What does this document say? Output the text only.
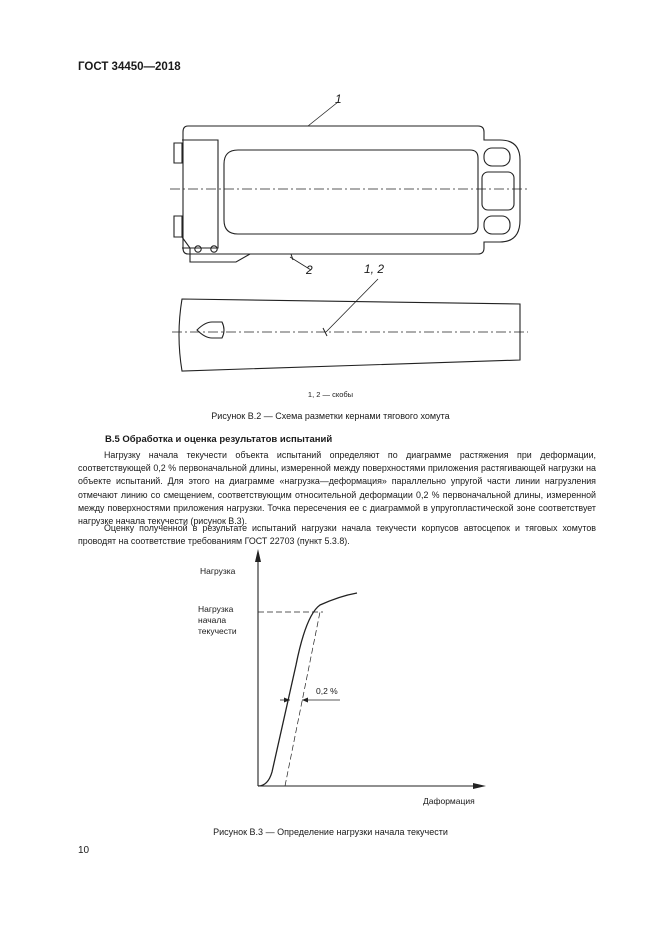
ГОСТ 34450—2018
1
2	1, 2
1, 2 — скобы
Рисунок В.2 — Схема разметки кернами тягового хомута
В.5 Обработка и оценка результатов испытаний
Нагрузку начала текучести объекта испытаний определяют по диаграмме растяжения при деформации, соответствующей 0,2 % первоначальной длины, измеренной между поверхностями приложения растягивающей нагрузки на объекте испытаний. Для этого на диаграмме «нагрузка—деформация» параллельно упругой части линии нагрузления отмечают линию со смещением, соответствующим относительной деформации 0,2 % первоначальной длины, измеренной между поверхностями приложения нагрузки. Точка пересечения ее с диаграммой в упругопластической зоне соответствует нагрузке начала текучести (рисунок В.3).
Оценку полученной в результате испытаний нагрузки начала текучести корпусов автосцепок и тяговых хомутов проводят на соответствие требованиям ГОСТ 22703 (пункт 5.3.8).
Нагрузка
Нагрузка
начала
текучести
0,2 %
Даформация
Рисунок В.3 — Определение нагрузки начала текучести
10
